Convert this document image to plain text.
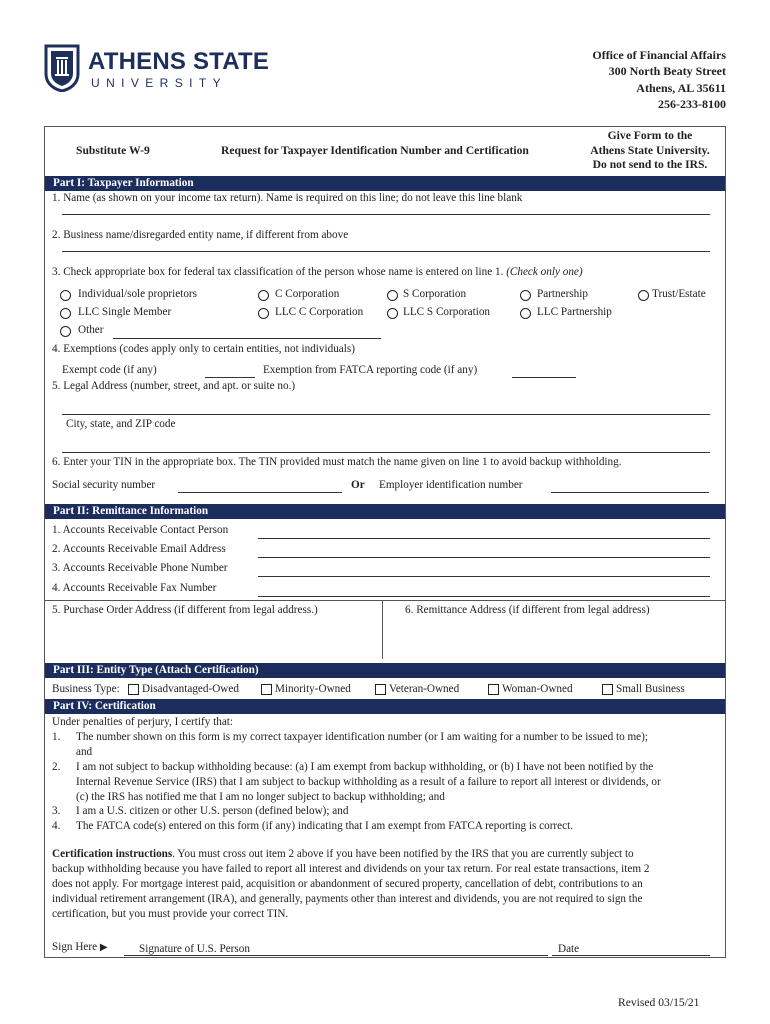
ATHENS STATE
UNIVERSITY
Office of Financial Affairs
300 North Beaty Street
Athens, AL 35611
256-233-8100
Substitute W-9	Request for Taxpayer Identification Number and Certification
Give Form to the
Athens State University.
Do not send to the IRS.
Part I: Taxpayer Information
1. Name (as shown on your income tax return). Name is required on this line; do not leave this line blank
2. Business name/disregarded entity name, if different from above
3. Check appropriate box for federal tax classification of the person whose name is entered on line 1. (Check only one)
Individual/sole proprietors	C Corporation	S Corporation	Partnership	Trust/Estate
LLC Single Member	LLC C Corporation	LLC S Corporation	LLC Partnership
Other
4. Exemptions (codes apply only to certain entities, not individuals)
Exempt code (if any)	Exemption from FATCA reporting code (if any)
5. Legal Address (number, street, and apt. or suite no.)
City, state, and ZIP code
6. Enter your TIN in the appropriate box. The TIN provided must match the name given on line 1 to avoid backup withholding.
Social security number	Or Employer identification number
Part II: Remittance Information
1. Accounts Receivable Contact Person
2. Accounts Receivable Email Address
3. Accounts Receivable Phone Number
4. Accounts Receivable Fax Number
5. Purchase Order Address (if different from legal address.)	6. Remittance Address (if different from legal address)
Part III: Entity Type (Attach Certification)
Business Type: Disadvantaged-Owed	Minority-Owned	Veteran-Owned	Woman-Owned	Small Business
Part IV: Certification
Under penalties of perjury, I certify that:
1. The number shown on this form is my correct taxpayer identification number (or I am waiting for a number to be issued to me);
and
2. I am not subject to backup withholding because: (a) I am exempt from backup withholding, or (b) I have not been notified by the
Internal Revenue Service (IRS) that I am subject to backup withholding as a result of a failure to report all interest or dividends, or
(c) the IRS has notified me that I am no longer subject to backup withholding; and
3. I am a U.S. citizen or other U.S. person (defined below); and
4. The FATCA code(s) entered on this form (if any) indicating that I am exempt from FATCA reporting is correct.
Certification instructions. You must cross out item 2 above if you have been notified by the IRS that you are currently subject to
backup withholding because you have failed to report all interest and dividends on your tax return. For real estate transactions, item 2
does not apply. For mortgage interest paid, acquisition or abandonment of secured property, cancellation of debt, contributions to an
individual retirement arrangement (IRA), and generally, payments other than interest and dividends, you are not required to sign the
certification, but you must provide your correct TIN.
Sign Here ▶	Signature of U.S. Person	Date
Revised 03/15/21
